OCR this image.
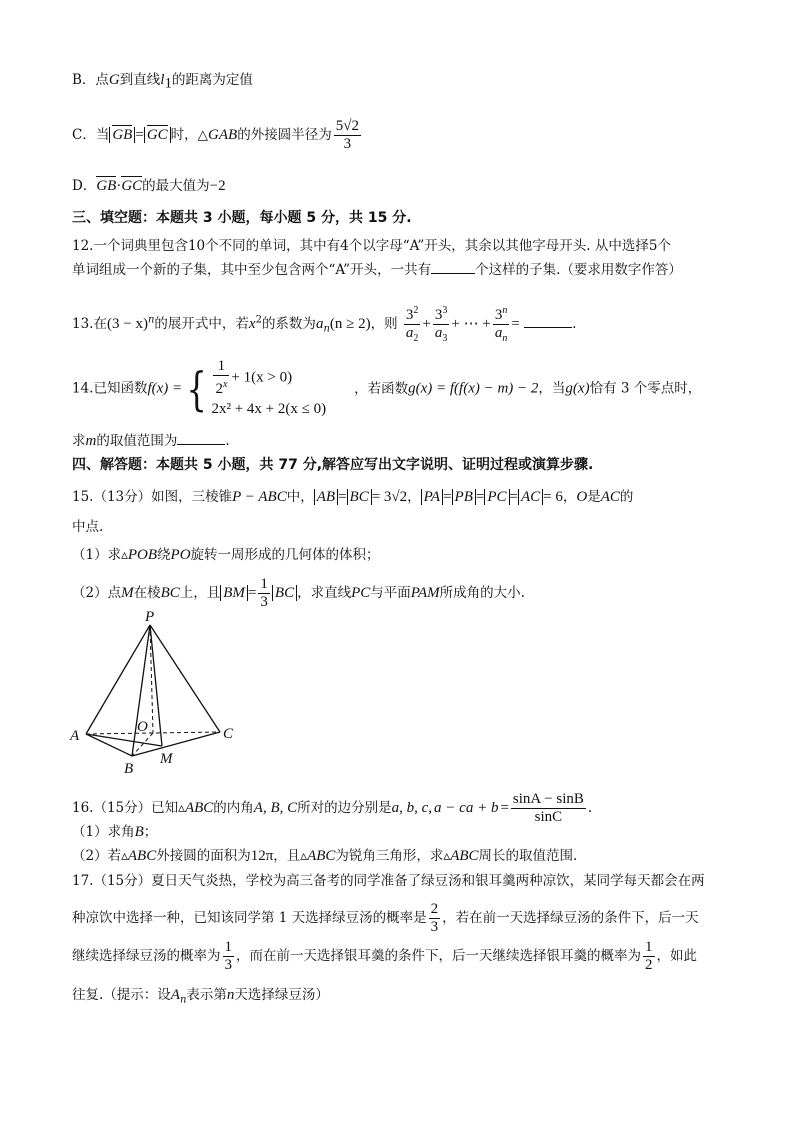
B．点G到直线$l_1$的距离为定值
C．当 GB = GC 时，△GAB的外接圆半径为 $\frac{5√2}{3}$
D．GB·GC的最大值为−2
三、填空题：本题共 3 小题，每小题 5 分，共 15 分.
12.一个词典里包含10个不同的单词，其中有4个以字母“A”开头，其余以其他字母开头. 从中选择5个
单词组成一个新的子集，其中至少包含两个“A”开头，一共有	个这样的子集.（要求用数字作答）
13.在$(3 - x)^n$的展开式中，若$x^2$的系数为$a_n(n \ge 2)$，则 $\frac{3^2}{a_2} + \frac{3^3}{a_3}$ + ⋯ + $\frac{3^n}{a_n}$ =	.
14.已知函数f(x) ={ $\frac{1}{2^x} + 1(x > 0)$
2x² + 4x + 2(x ≤ 0)
，若函数g(x) = f(f(x) − m) − 2，当g(x)恰有 3 个零点时，
求m的取值范围为	.
四、解答题：本题共 5 小题，共 77 分,解答应写出文字说明、证明过程或演算步骤.
15.（13分）如图，三棱锥P − ABC中， AB = BC = 3√2， PA = PB = PC = AC = 6，O是AC的
中点.
（1）求▵POB绕PO旋转一周形成的几何体的体积；
（2）点M在棱BC上，且 BM = $\frac{1}{3}$ BC ，求直线PC与平面PAM所成角的大小.
P
A
B
C
O
M
16.（15分）已知▵ABC的内角A, B, C所对的边分别是a, b, c, a − ca + $b = \frac{\sin A - \sin B}{\sin C}$ .
（1）求角B；
（2）若▵ABC外接圆的面积为12π，且▵ABC为锐角三角形，求▵ABC周长的取值范围.
17.（15分）夏日天气炎热，学校为高三备考的同学准备了绿豆汤和银耳羹两种凉饮，某同学每天都会在两
种凉饮中选择一种，已知该同学第 1 天选择绿豆汤的概率是 $\frac{2}{3}$ ，若在前一天选择绿豆汤的条件下，后一天
继续选择绿豆汤的概率为 $\frac{1}{3}$ ，而在前一天选择银耳羹的条件下，后一天继续选择银耳羹的概率为 $\frac{1}{2}$ ，如此
往复.（提示：设$A_n$表示第n天选择绿豆汤）
